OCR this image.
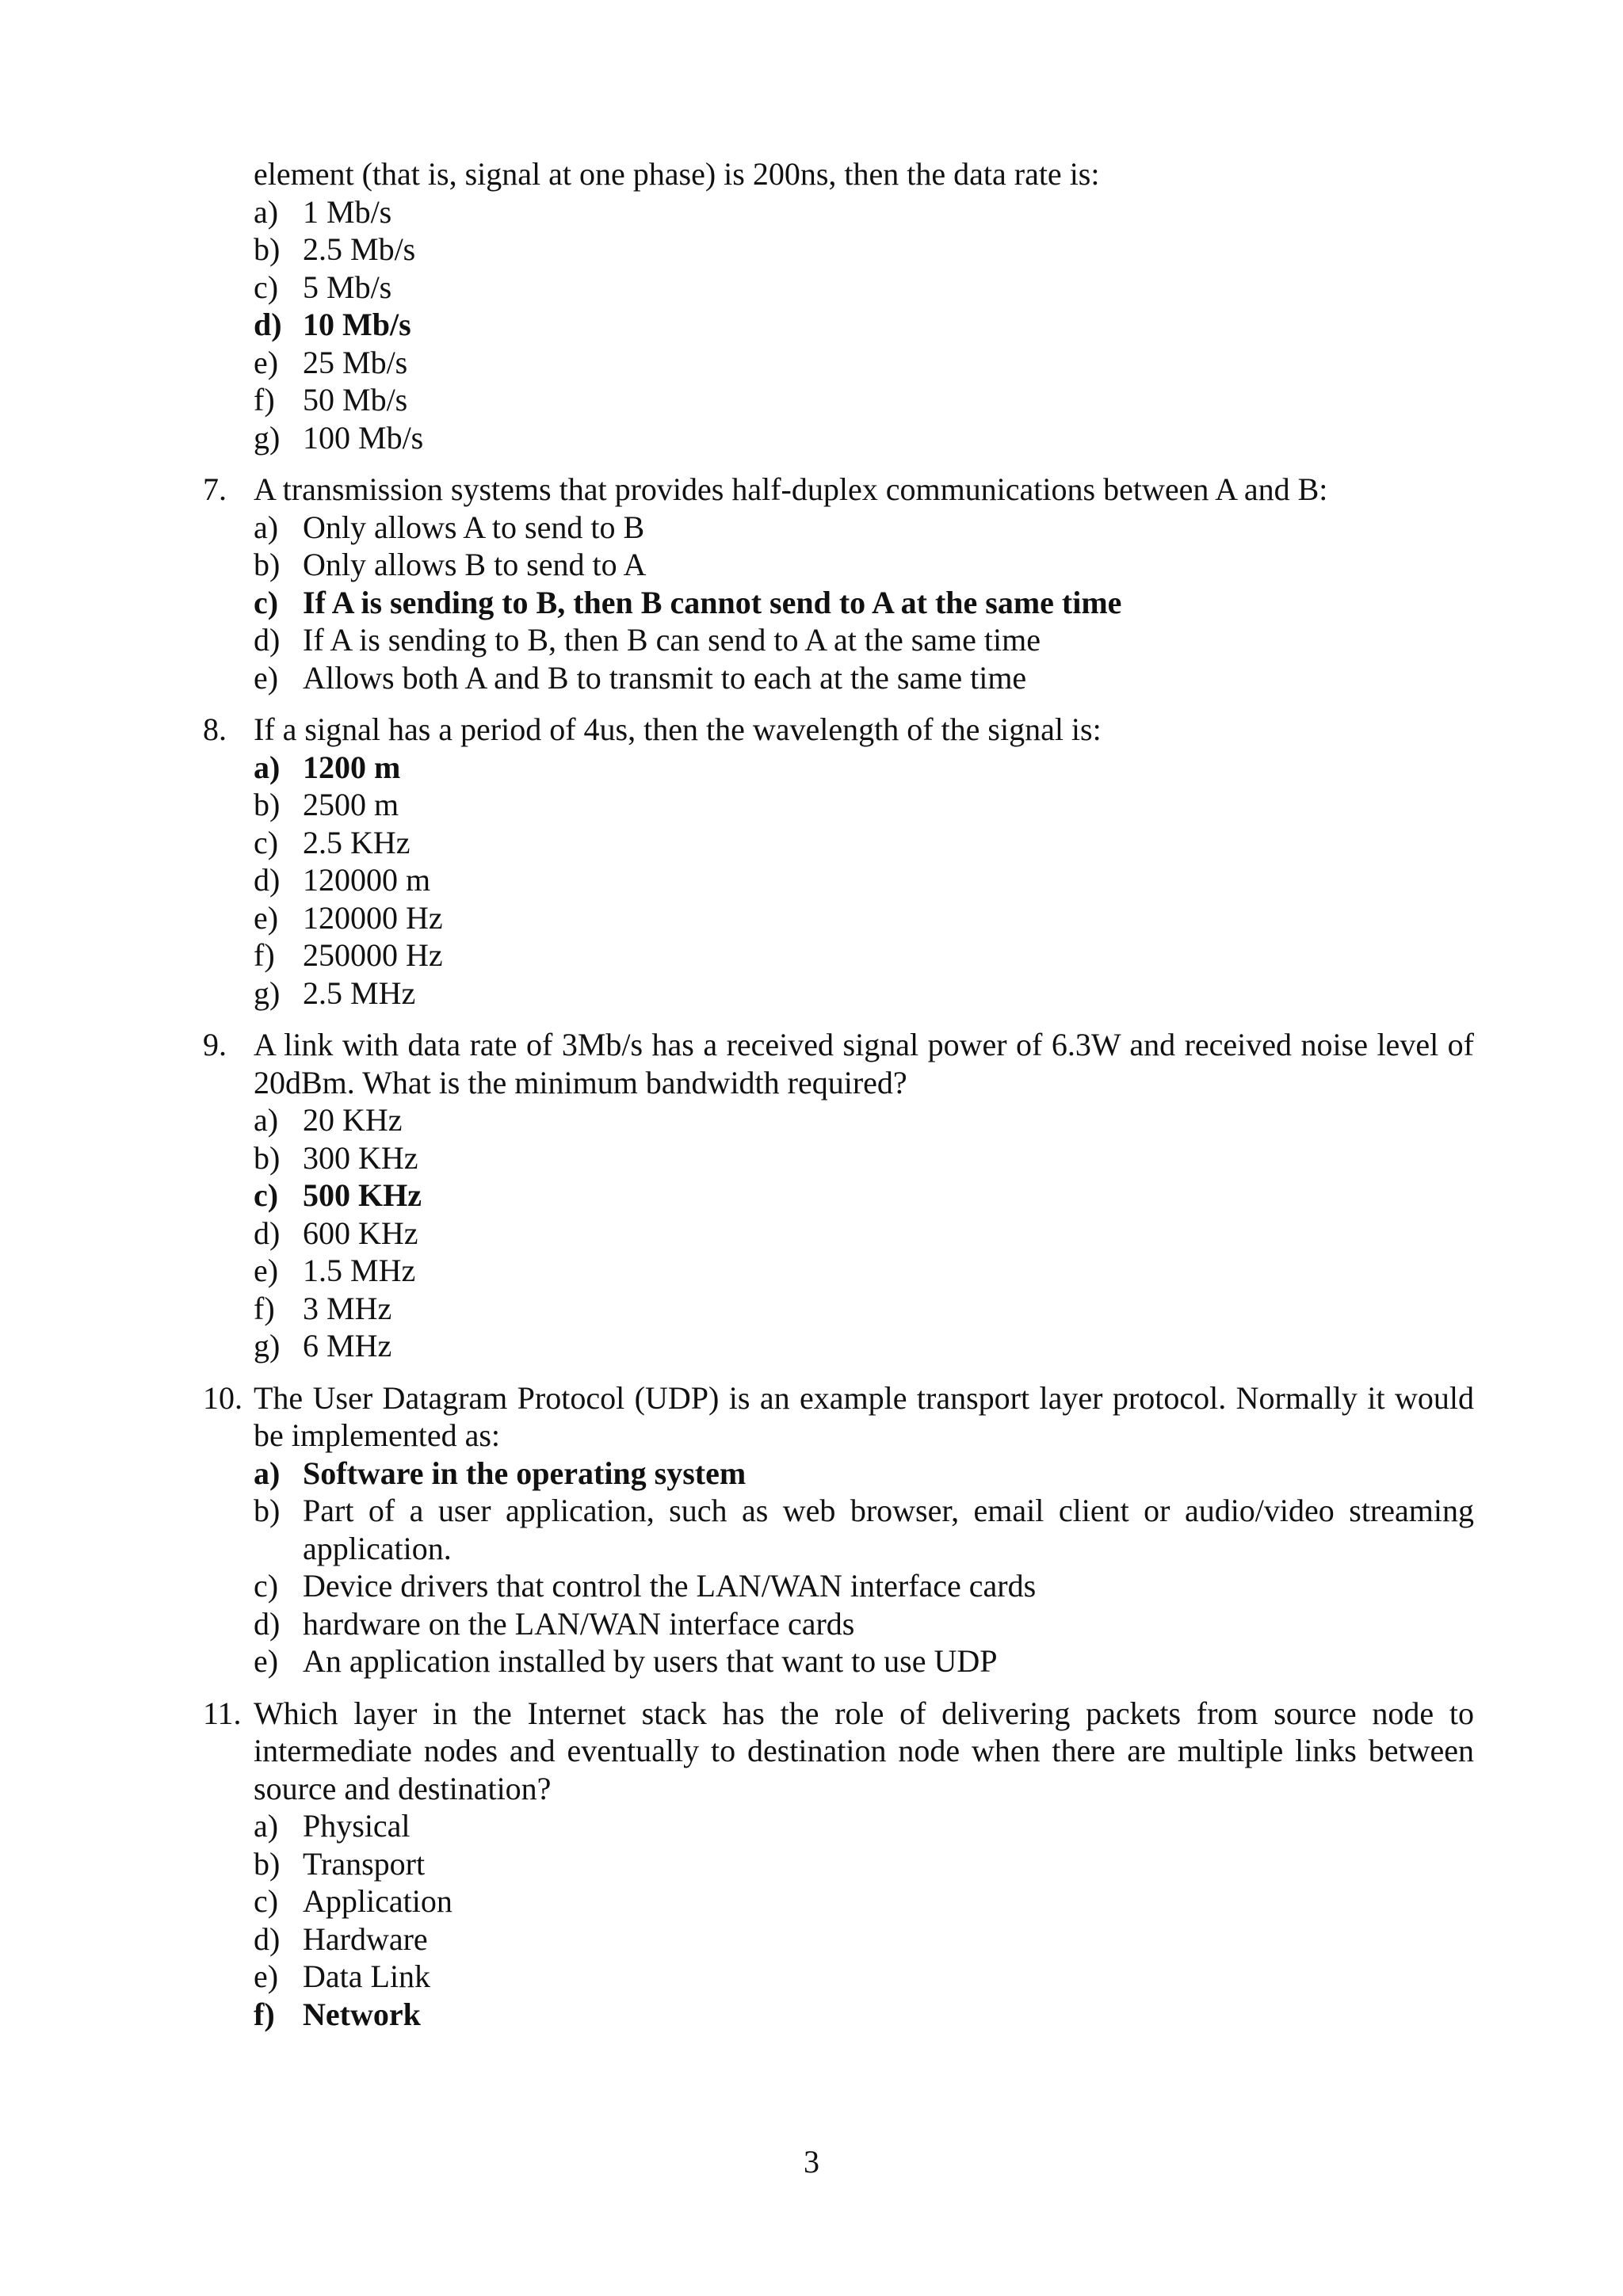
element (that is, signal at one phase) is 200ns, then the data rate is:

a) 1 Mb/s
b) 2.5 Mb/s
c) 5 Mb/s
d) 10 Mb/s
e) 25 Mb/s
f) 50 Mb/s
g) 100 Mb/s
7. A transmission systems that provides half-duplex communications between A and B:

a) Only allows A to send to B
b) Only allows B to send to A
c) If A is sending to B, then B cannot send to A at the same time
d) If A is sending to B, then B can send to A at the same time
e) Allows both A and B to transmit to each at the same time
8. If a signal has a period of 4us, then the wavelength of the signal is:

a) 1200 m
b) 2500 m
c) 2.5 KHz
d) 120000 m
e) 120000 Hz
f) 250000 Hz
g) 2.5 MHz
9. A link with data rate of 3Mb/s has a received signal power of 6.3W and received noise level of 20dBm. What is the minimum bandwidth required?

a) 20 KHz
b) 300 KHz
c) 500 KHz
d) 600 KHz
e) 1.5 MHz
f) 3 MHz
g) 6 MHz
10. The User Datagram Protocol (UDP) is an example transport layer protocol. Normally it would be implemented as:

a) Software in the operating system
b) Part of a user application, such as web browser, email client or audio/video streaming application.
c) Device drivers that control the LAN/WAN interface cards
d) hardware on the LAN/WAN interface cards
e) An application installed by users that want to use UDP
11. Which layer in the Internet stack has the role of delivering packets from source node to intermediate nodes and eventually to destination node when there are multiple links between source and destination?

a) Physical
b) Transport
c) Application
d) Hardware
e) Data Link
f) Network
3
